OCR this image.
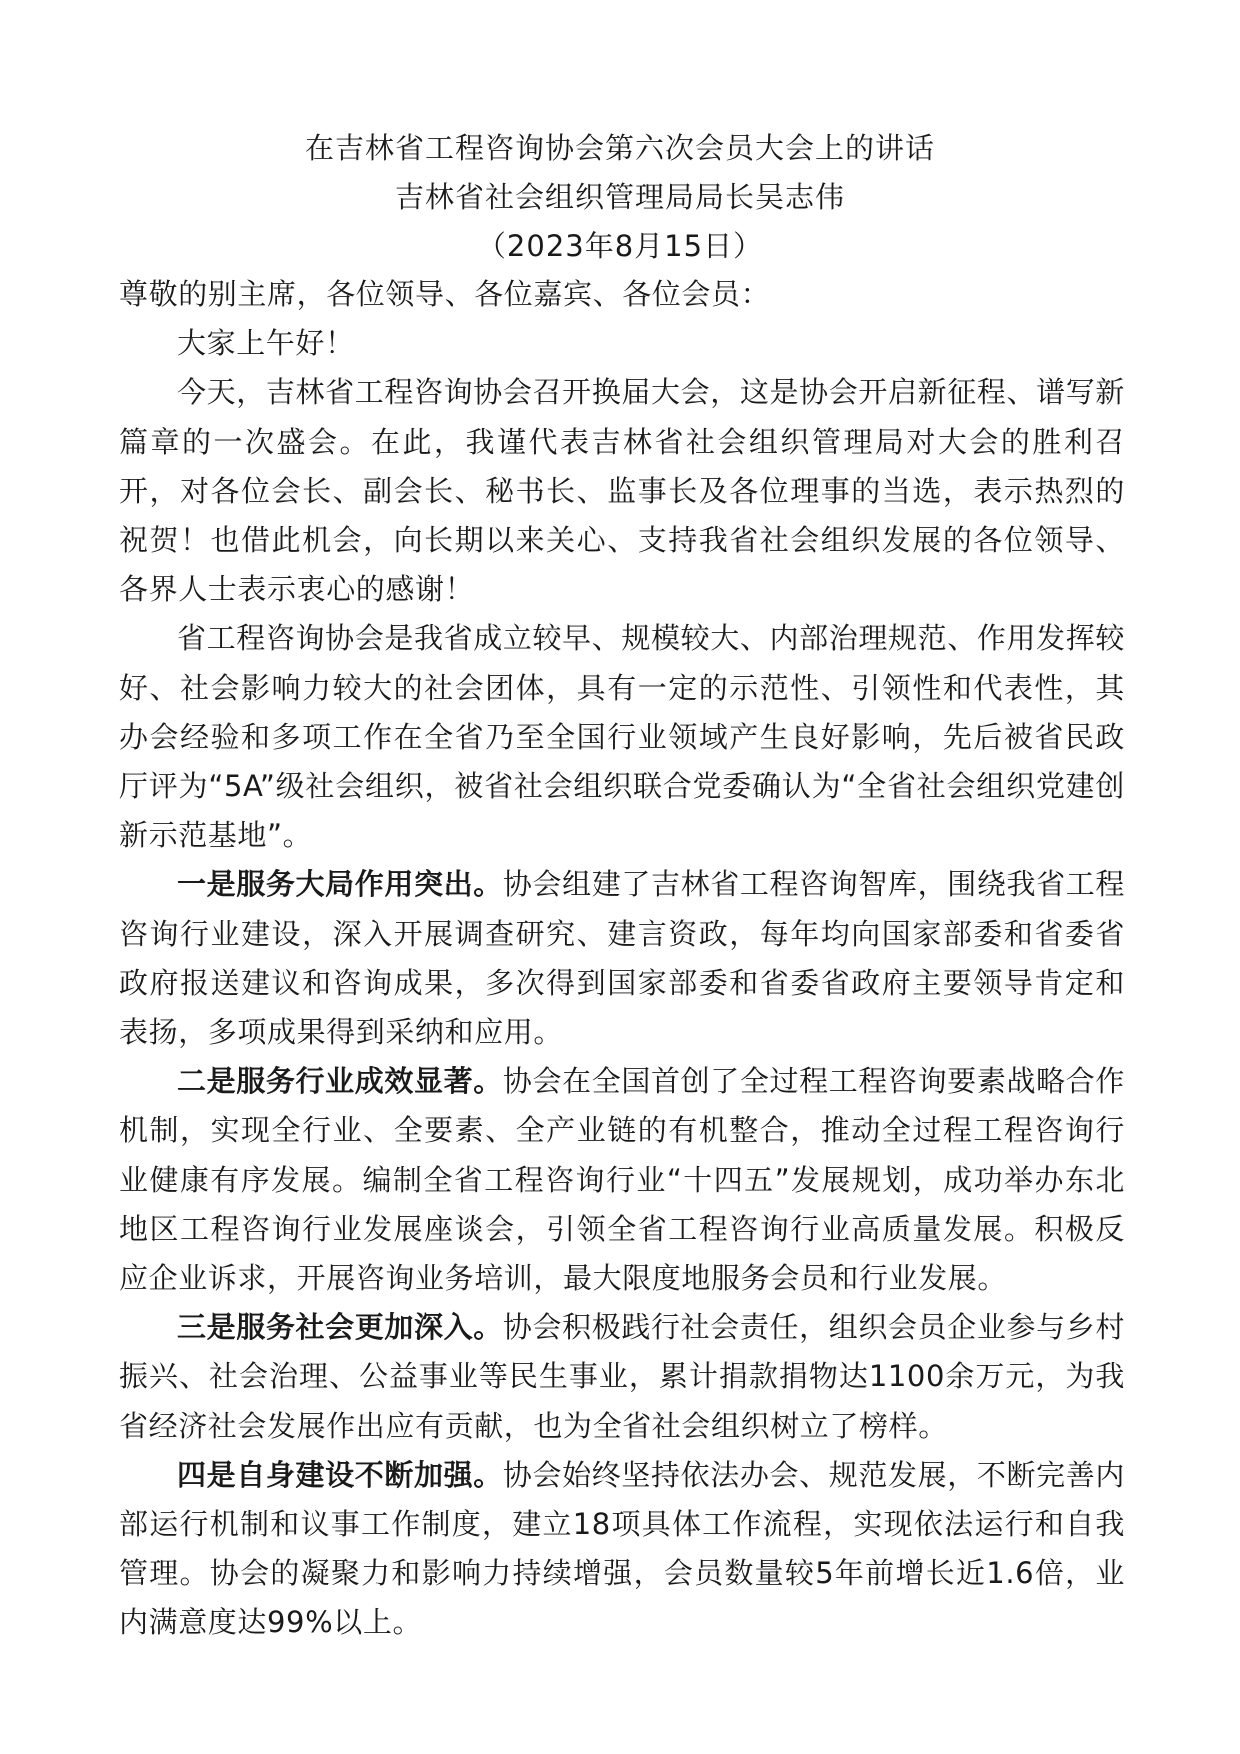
在吉林省工程咨询协会第六次会员大会上的讲话
吉林省社会组织管理局局长吴志伟
（2023年8月15日）

尊敬的别主席，各位领导、各位嘉宾、各位会员：

大家上午好！

今天，吉林省工程咨询协会召开换届大会，这是协会开启新征程、谱写新篇章的一次盛会。在此，我谨代表吉林省社会组织管理局对大会的胜利召开，对各位会长、副会长、秘书长、监事长及各位理事的当选，表示热烈的祝贺！也借此机会，向长期以来关心、支持我省社会组织发展的各位领导、各界人士表示衷心的感谢！

省工程咨询协会是我省成立较早、规模较大、内部治理规范、作用发挥较好、社会影响力较大的社会团体，具有一定的示范性、引领性和代表性，其办会经验和多项工作在全省乃至全国行业领域产生良好影响，先后被省民政厅评为“5A”级社会组织，被省社会组织联合党委确认为“全省社会组织党建创新示范基地”。

一是服务大局作用突出。协会组建了吉林省工程咨询智库，围绕我省工程咨询行业建设，深入开展调查研究、建言资政，每年均向国家部委和省委省政府报送建议和咨询成果，多次得到国家部委和省委省政府主要领导肯定和表扬，多项成果得到采纳和应用。

二是服务行业成效显著。协会在全国首创了全过程工程咨询要素战略合作机制，实现全行业、全要素、全产业链的有机整合，推动全过程工程咨询行业健康有序发展。编制全省工程咨询行业“十四五”发展规划，成功举办东北地区工程咨询行业发展座谈会，引领全省工程咨询行业高质量发展。积极反应企业诉求，开展咨询业务培训，最大限度地服务会员和行业发展。

三是服务社会更加深入。协会积极践行社会责任，组织会员企业参与乡村振兴、社会治理、公益事业等民生事业，累计捐款捐物达1100余万元，为我省经济社会发展作出应有贡献，也为全省社会组织树立了榜样。

四是自身建设不断加强。协会始终坚持依法办会、规范发展，不断完善内部运行机制和议事工作制度，建立18项具体工作流程，实现依法运行和自我管理。协会的凝聚力和影响力持续增强，会员数量较5年前增长近1.6倍，业内满意度达99%以上。
